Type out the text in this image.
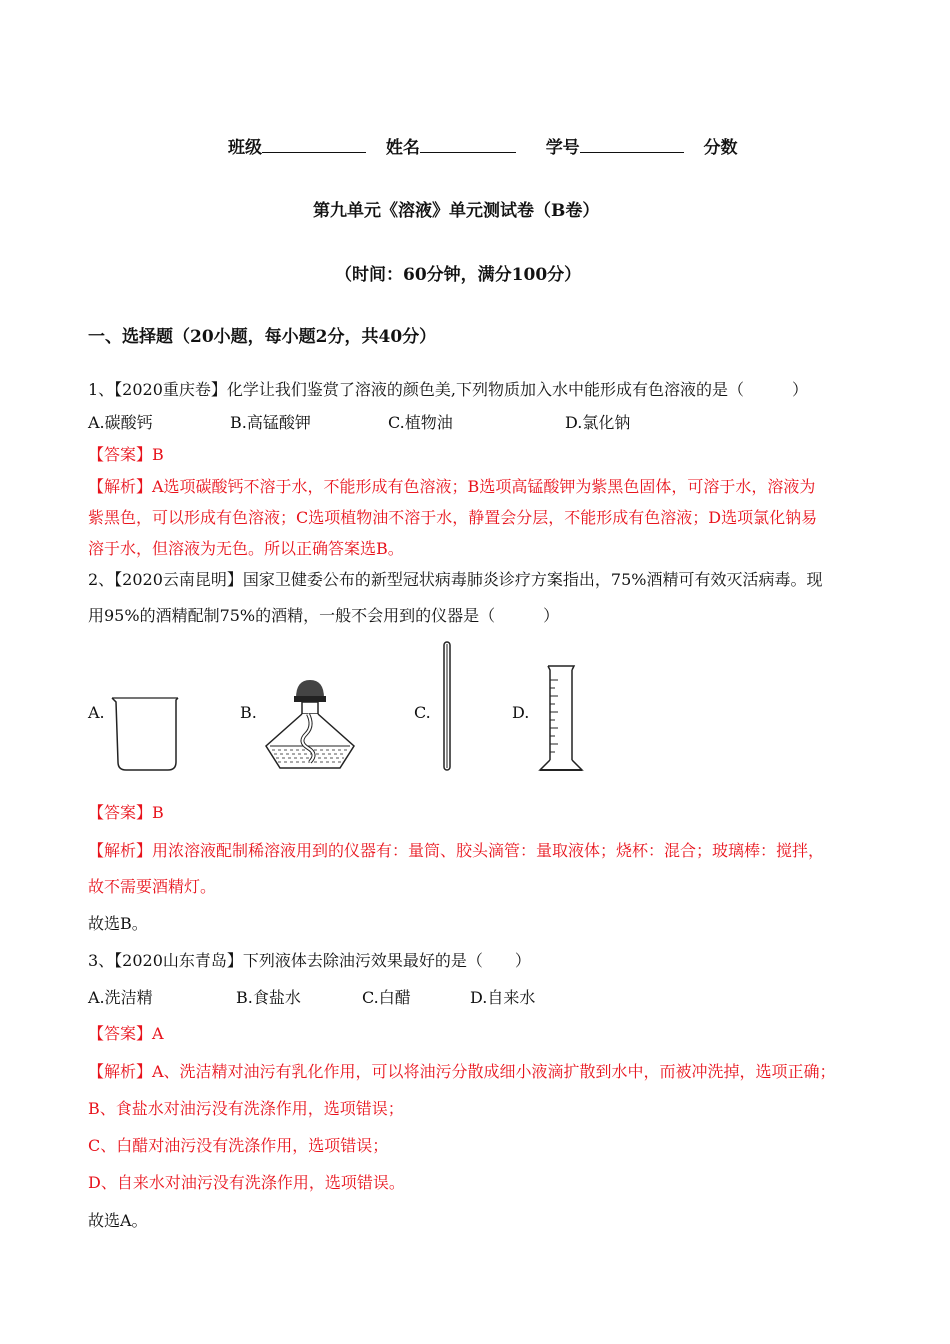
班级	姓名	学号	分数
第九单元《溶液》单元测试卷（B卷）
（时间：60分钟，满分100分）
一、选择题（20小题，每小题2分，共40分）
1、【2020重庆卷】化学让我们鉴赏了溶液的颜色美,下列物质加入水中能形成有色溶液的是（　　　）
A.碳酸钙	B.高锰酸钾	C.植物油	D.氯化钠
【答案】B
【解析】A选项碳酸钙不溶于水，不能形成有色溶液；B选项高锰酸钾为紫黑色固体，可溶于水，溶液为
紫黑色，可以形成有色溶液；C选项植物油不溶于水，静置会分层，不能形成有色溶液；D选项氯化钠易
溶于水，但溶液为无色。所以正确答案选B。
2、【2020云南昆明】国家卫健委公布的新型冠状病毒肺炎诊疗方案指出，75%酒精可有效灭活病毒。现
用95%的酒精配制75%的酒精，一般不会用到的仪器是（　　　）
A.	B.	C.	D.
【答案】B
【解析】用浓溶液配制稀溶液用到的仪器有：量筒、胶头滴管：量取液体；烧杯：混合；玻璃棒：搅拌，
故不需要酒精灯。
故选B。
3、【2020山东青岛】下列液体去除油污效果最好的是（　　）
A.洗洁精	B.食盐水	C.白醋	D.自来水
【答案】A
【解析】A、洗洁精对油污有乳化作用，可以将油污分散成细小液滴扩散到水中，而被冲洗掉，选项正确；
B、食盐水对油污没有洗涤作用，选项错误；
C、白醋对油污没有洗涤作用，选项错误；
D、自来水对油污没有洗涤作用，选项错误。
故选A。
